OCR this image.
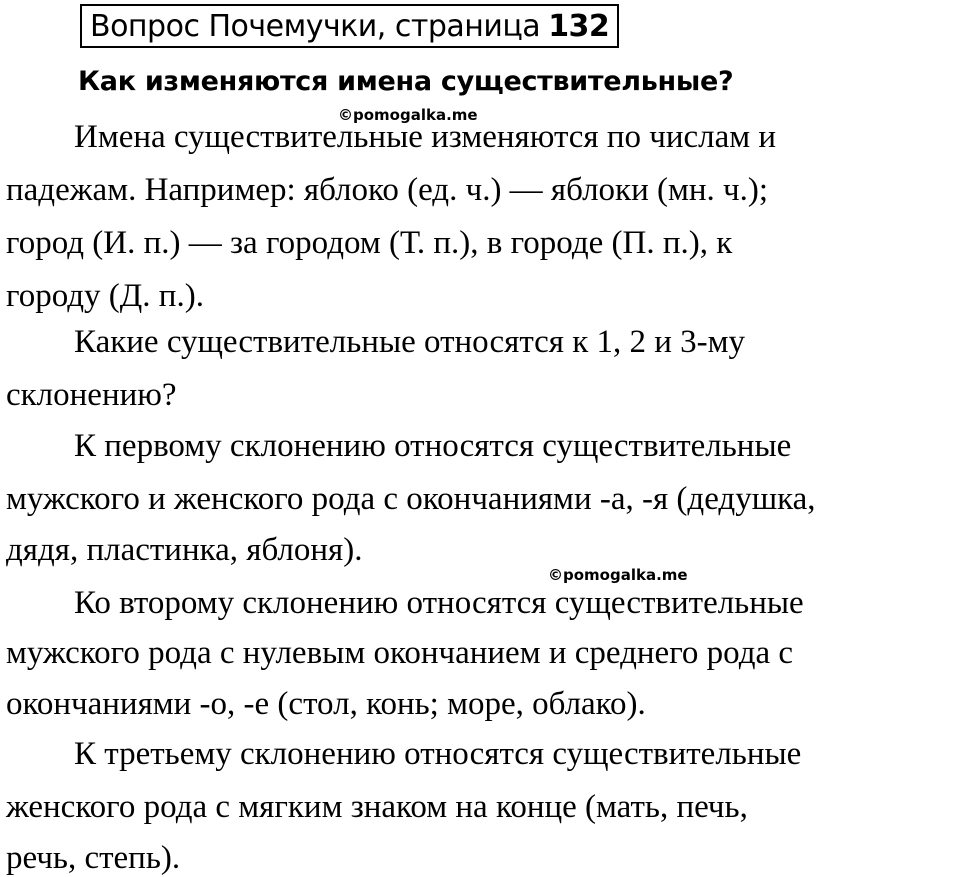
Вопрос Почемучки, страница 132
Как изменяются имена существительные?
©pomogalka.me
©pomogalka.me
Имена существительные изменяются по числам и
падежам. Например: яблоко (ед. ч.) — яблоки (мн. ч.);
город (И. п.) — за городом (Т. п.), в городе (П. п.), к
городу (Д. п.).
Какие существительные относятся к 1, 2 и 3-му
склонению?
К первому склонению относятся существительные
мужского и женского рода с окончаниями -а, -я (дедушка,
дядя, пластинка, яблоня).
Ко второму склонению относятся существительные
мужского рода с нулевым окончанием и среднего рода с
окончаниями -о, -е (стол, конь; море, облако).
К третьему склонению относятся существительные
женского рода с мягким знаком на конце (мать, печь,
речь, степь).
